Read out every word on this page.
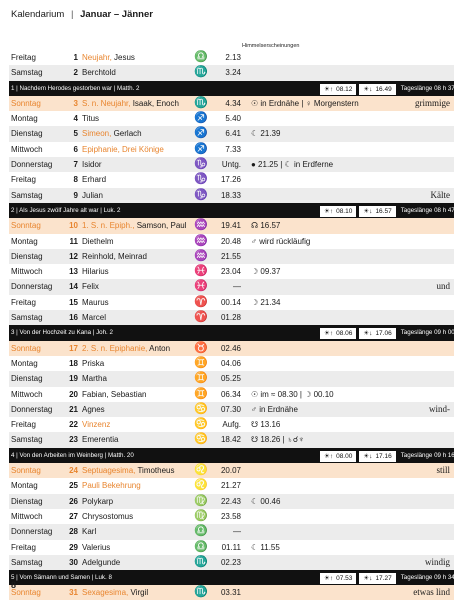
Kalendarium | Januar – Jänner
Himmelserscheinungen
Freitag	1 Neujahr, Jesus	♎	2.13
Samstag	2 Berchtold	♏	3.24
1 | Nachdem Herodes gestorben war | Matth. 2	☀↑ 08.12 ☀↓ 16.49 Tageslänge 08 h 37
Sonntag	3 S. n. Neujahr, Isaak, Enoch ♏	4.34 ☉ in Erdnähe | ♀ Morgenstern	grimmige
Montag	4 Titus	♐	5.40
Dienstag	5 Simeon, Gerlach	♐	6.41 ☾ 21.39
Mittwoch	6 Epiphanie, Drei Könige	♐	7.33
Donnerstag	7 Isidor	♑	Untg. ● 21.25 | ☾ in Erdferne
Freitag	8 Erhard	♑	17.26
Samstag	9 Julian	♑	18.33	Kälte
2 | Als Jesus zwölf Jahre alt war | Luk. 2	☀↑ 08.10 ☀↓ 16.57 Tageslänge 08 h 47
Sonntag	10 1. S. n. Epiph., Samson, Paul ♒	19.41 ☊ 16.57
Montag	11 Diethelm	♒	20.48 ♂ wird rückläufig
Dienstag	12 Reinhold, Meinrad	♒	21.55
Mittwoch	13 Hilarius	♓	23.04 ☽ 09.37
Donnerstag	14 Felix	♓	—	und
Freitag	15 Maurus	♈	00.14 ☽ 21.34
Samstag	16 Marcel	♈	01.28
3 | Von der Hochzeit zu Kana | Joh. 2	☀↑ 08.06 ☀↓ 17.06 Tageslänge 09 h 00
Sonntag	17 2. S. n. Epiphanie, Anton ♉	02.46
Montag	18 Priska	♊	04.06
Dienstag	19 Martha	♊	05.25
Mittwoch	20 Fabian, Sebastian	♊	06.34 ☉ im ≈ 08.30 | ☽ 00.10
Donnerstag	21 Agnes	♋	07.30 ♂ in Erdnähe	wind-
Freitag	22 Vinzenz	♋	Aufg. ☋ 13.16
Samstag	23 Emerentia	♋	18.42 ☋ 18.26 | ♄☌♆
4 | Von den Arbeiten im Weinberg | Matth. 20	☀↑ 08.00 ☀↓ 17.16 Tageslänge 09 h 16
Sonntag	24 Septuagesima, Timotheus ♌	20.07	still
Montag	25 Pauli Bekehrung	♌	21.27
Dienstag	26 Polykarp	♍	22.43 ☾ 00.46
Mittwoch	27 Chrysostomus	♍	23.58
Donnerstag	28 Karl	♎	—
Freitag	29 Valerius	♎	01.11 ☾ 11.55
Samstag	30 Adelgunde	♏	02.23	windig
5 | Vom Sämann und Samen | Luk. 8	☀↑ 07.53 ☀↓ 17.27 Tageslänge 09 h 34
Sonntag	31 Sexagesima, Virgil	♏	03.31	etwas lind
8
